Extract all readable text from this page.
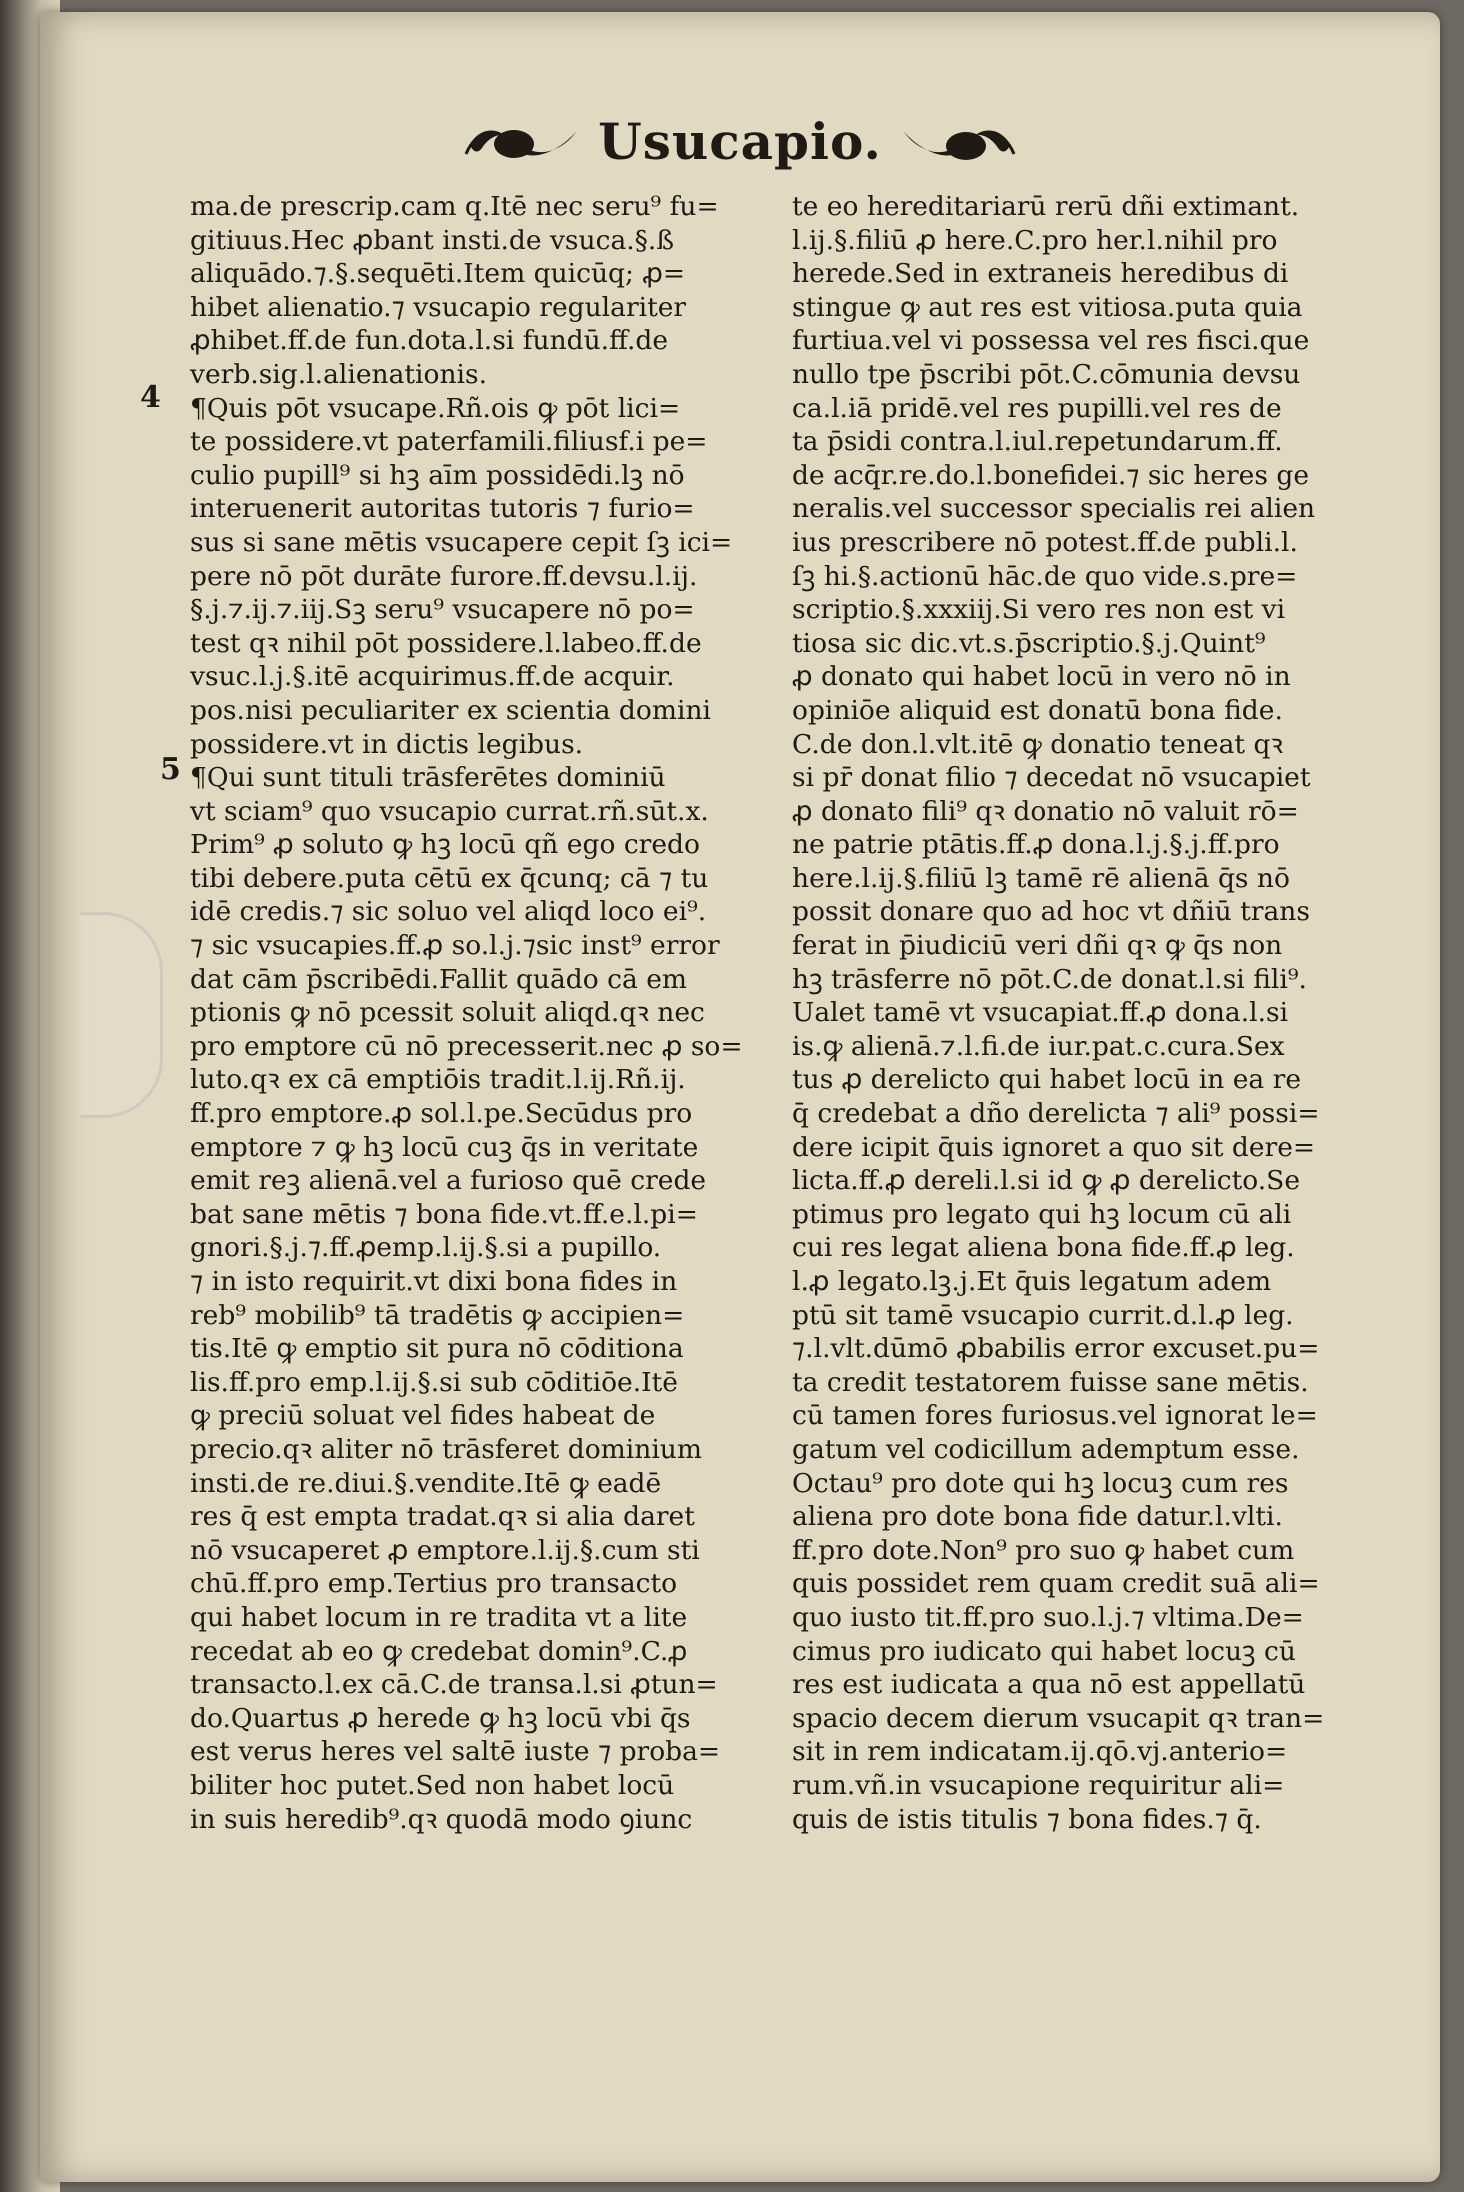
Usucapio.
4
5
ma.de prescrip.cam q.Itē nec seru⁹ fu=
gitiuus.Hec ꝓbant insti.de vsuca.§.ß
aliquādo.⁊.§.sequēti.Item quicūq; ꝓ=
hibet alienatio.⁊ vsucapio regulariter
ꝓhibet.ff.de fun.dota.l.si fundū.ff.de
verb.sig.l.alienationis.
¶Quis pōt vsucape.Rñ.ois ꝙ pōt lici=
te possidere.vt paterfamili.filiusf.i pe=
culio pupill⁹ si hꝫ aīm possidēdi.lꝫ nō
interuenerit autoritas tutoris ⁊ furio=
sus si sane mētis vsucapere cepit ſꝫ ici=
pere nō pōt durāte furore.ff.devsu.l.ij.
§.j.⁊.ij.⁊.iij.Sꝫ seru⁹ vsucapere nō po=
test qꝛ nihil pōt possidere.l.labeo.ff.de
vsuc.l.j.§.itē acquirimus.ff.de acquir.
pos.nisi peculiariter ex scientia domini
possidere.vt in dictis legibus.
¶Qui sunt tituli trāsferētes dominiū
vt sciam⁹ quo vsucapio currat.rñ.sūt.x.
Prim⁹ ꝓ soluto ꝙ hꝫ locū qñ ego credo
tibi debere.puta cētū ex q̄cunq; cā ⁊ tu
idē credis.⁊ sic soluo vel aliqd loco ei⁹.
⁊ sic vsucapies.ff.ꝓ so.l.j.⁊sic inst⁹ error
dat cām p̄scribēdi.Fallit quādo cā em
ptionis ꝙ nō pcessit soluit aliqd.qꝛ nec
pro emptore cū nō precesserit.nec ꝓ so=
luto.qꝛ ex cā emptiōis tradit.l.ij.Rñ.ij.
ff.pro emptore.ꝓ sol.l.pe.Secūdus pro
emptore ⁊ ꝙ hꝫ locū cuꝫ q̄s in veritate
emit reꝫ alienā.vel a furioso quē crede
bat sane mētis ⁊ bona fide.vt.ff.e.l.pi=
gnori.§.j.⁊.ff.ꝓemp.l.ij.§.si a pupillo.
⁊ in isto requirit.vt dixi bona fides in
reb⁹ mobilib⁹ tā tradētis ꝙ accipien=
tis.Itē ꝙ emptio sit pura nō cōditiona
lis.ff.pro emp.l.ij.§.si sub cōditiōe.Itē
ꝙ preciū soluat vel fides habeat de
precio.qꝛ aliter nō trāsferet dominium
insti.de re.diui.§.vendite.Itē ꝙ eadē
res q̄ est empta tradat.qꝛ si alia daret
nō vsucaperet ꝓ emptore.l.ij.§.cum sti
chū.ff.pro emp.Tertius pro transacto
qui habet locum in re tradita vt a lite
recedat ab eo ꝙ credebat domin⁹.C.ꝓ
transacto.l.ex cā.C.de transa.l.si ꝓtun=
do.Quartus ꝓ herede ꝙ hꝫ locū vbi q̄s
est verus heres vel saltē iuste ⁊ proba=
biliter hoc putet.Sed non habet locū
in suis heredib⁹.qꝛ quodā modo ꝯiunc
te eo hereditariarū rerū dñi extimant.
l.ij.§.filiū ꝓ here.C.pro her.l.nihil pro
herede.Sed in extraneis heredibus di
stingue ꝙ aut res est vitiosa.puta quia
furtiua.vel vi possessa vel res fisci.que
nullo tpe p̄scribi pōt.C.cōmunia devsu
ca.l.iā pridē.vel res pupilli.vel res de
ta p̄sidi contra.l.iul.repetundarum.ff.
de acq̄r.re.do.l.bonefidei.⁊ sic heres ge
neralis.vel successor specialis rei alien
ius prescribere nō potest.ff.de publi.l.
ſꝫ hi.§.actionū hāc.de quo vide.s.pre=
scriptio.§.xxxiij.Si vero res non est vi
tiosa sic dic.vt.s.p̄scriptio.§.j.Quint⁹
ꝓ donato qui habet locū in vero nō in
opiniōe aliquid est donatū bona fide.
C.de don.l.vlt.itē ꝙ donatio teneat qꝛ
si pr̄ donat filio ⁊ decedat nō vsucapiet
ꝓ donato fili⁹ qꝛ donatio nō valuit rō=
ne patrie ptātis.ff.ꝓ dona.l.j.§.j.ff.pro
here.l.ij.§.filiū lꝫ tamē rē alienā q̄s nō
possit donare quo ad hoc vt dñiū trans
ferat in p̄iudiciū veri dñi qꝛ ꝙ q̄s non
hꝫ trāsferre nō pōt.C.de donat.l.si fili⁹.
Ualet tamē vt vsucapiat.ff.ꝓ dona.l.si
is.ꝙ alienā.⁊.l.fi.de iur.pat.c.cura.Sex
tus ꝓ derelicto qui habet locū in ea re
q̄ credebat a dño derelicta ⁊ ali⁹ possi=
dere icipit q̄uis ignoret a quo sit dere=
licta.ff.ꝓ dereli.l.si id ꝙ ꝓ derelicto.Se
ptimus pro legato qui hꝫ locum cū ali
cui res legat aliena bona fide.ff.ꝓ leg.
l.ꝓ legato.lꝫ.j.Et q̄uis legatum adem
ptū sit tamē vsucapio currit.d.l.ꝓ leg.
⁊.l.vlt.dūmō ꝓbabilis error excuset.pu=
ta credit testatorem fuisse sane mētis.
cū tamen fores furiosus.vel ignorat le=
gatum vel codicillum ademptum esse.
Octau⁹ pro dote qui hꝫ locuꝫ cum res
aliena pro dote bona fide datur.l.vlti.
ff.pro dote.Non⁹ pro suo ꝙ habet cum
quis possidet rem quam credit suā ali=
quo iusto tit.ff.pro suo.l.j.⁊ vltima.De=
cimus pro iudicato qui habet locuꝫ cū
res est iudicata a qua nō est appellatū
spacio decem dierum vsucapit qꝛ tran=
sit in rem indicatam.ij.qō.vj.anterio=
rum.vñ.in vsucapione requiritur ali=
quis de istis titulis ⁊ bona fides.⁊ q̄.
